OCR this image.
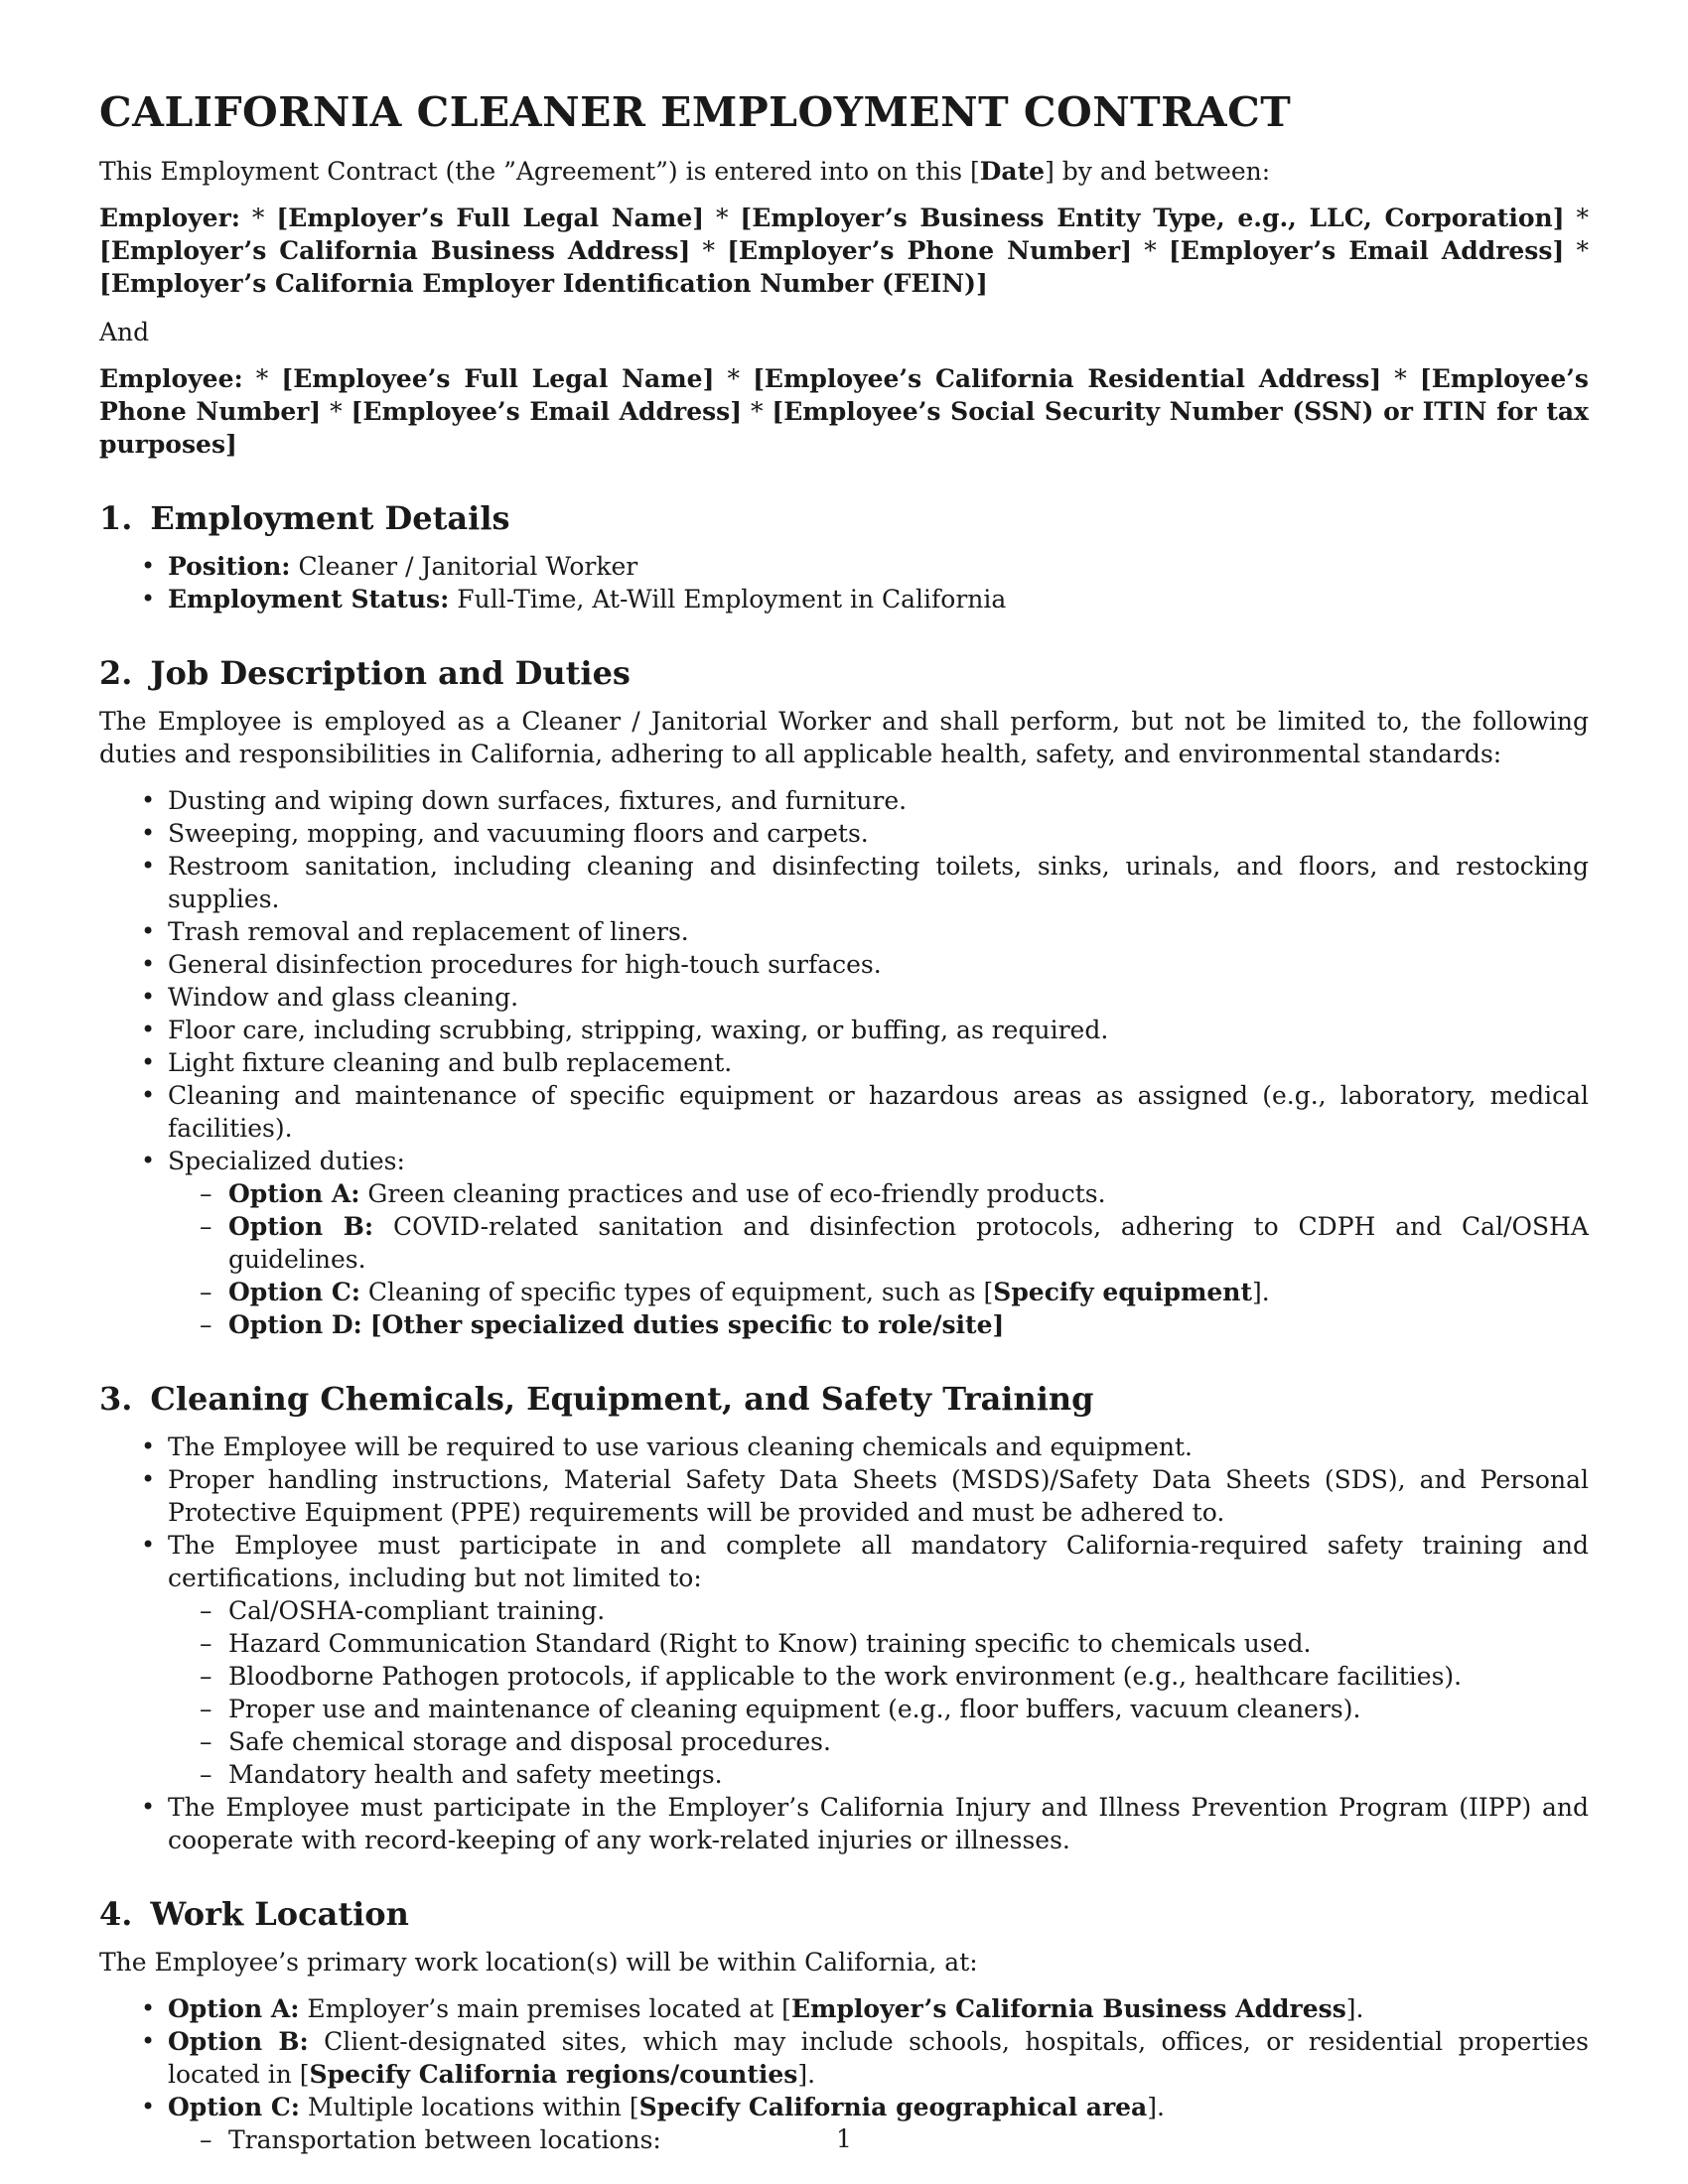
CALIFORNIA CLEANER EMPLOYMENT CONTRACT

This Employment Contract (the ”Agreement”) is entered into on this [Date] by and between:

Employer: * [Employer’s Full Legal Name] * [Employer’s Business Entity Type, e.g., LLC, Corporation] * [Employer’s California Business Address] * [Employer’s Phone Number] * [Employer’s Email Address] * [Employer’s California Employer Identification Number (FEIN)]

And

Employee: * [Employee’s Full Legal Name] * [Employee’s California Residential Address] * [Employee’s Phone Number] * [Employee’s Email Address] * [Employee’s Social Security Number (SSN) or ITIN for tax purposes]
1. Employment Details
• Position: Cleaner / Janitorial Worker
• Employment Status: Full-Time, At-Will Employment in California
2. Job Description and Duties

The Employee is employed as a Cleaner / Janitorial Worker and shall perform, but not be limited to, the following duties and responsibilities in California, adhering to all applicable health, safety, and environmental standards:

• Dusting and wiping down surfaces, fixtures, and furniture.
• Sweeping, mopping, and vacuuming floors and carpets.
• Restroom sanitation, including cleaning and disinfecting toilets, sinks, urinals, and floors, and restocking supplies.
• Trash removal and replacement of liners.
• General disinfection procedures for high-touch surfaces.
• Window and glass cleaning.
• Floor care, including scrubbing, stripping, waxing, or buffing, as required.
• Light fixture cleaning and bulb replacement.
• Cleaning and maintenance of specific equipment or hazardous areas as assigned (e.g., laboratory, medical facilities).
• Specialized duties:
– Option A: Green cleaning practices and use of eco-friendly products.
– Option B: COVID-related sanitation and disinfection protocols, adhering to CDPH and Cal/OSHA guidelines.
– Option C: Cleaning of specific types of equipment, such as [Specify equipment].
– Option D: [Other specialized duties specific to role/site]
3. Cleaning Chemicals, Equipment, and Safety Training
• The Employee will be required to use various cleaning chemicals and equipment.
• Proper handling instructions, Material Safety Data Sheets (MSDS)/Safety Data Sheets (SDS), and Personal Protective Equipment (PPE) requirements will be provided and must be adhered to.
• The Employee must participate in and complete all mandatory California-required safety training and certifications, including but not limited to:
– Cal/OSHA-compliant training.
– Hazard Communication Standard (Right to Know) training specific to chemicals used.
– Bloodborne Pathogen protocols, if applicable to the work environment (e.g., healthcare facilities).
– Proper use and maintenance of cleaning equipment (e.g., floor buffers, vacuum cleaners).
– Safe chemical storage and disposal procedures.
– Mandatory health and safety meetings.
• The Employee must participate in the Employer’s California Injury and Illness Prevention Program (IIPP) and cooperate with record-keeping of any work-related injuries or illnesses.
4. Work Location

The Employee’s primary work location(s) will be within California, at:

• Option A: Employer’s main premises located at [Employer’s California Business Address].
• Option B: Client-designated sites, which may include schools, hospitals, offices, or residential properties located in [Specify California regions/counties].
• Option C: Multiple locations within [Specify California geographical area].
– Transportation between locations:	1
